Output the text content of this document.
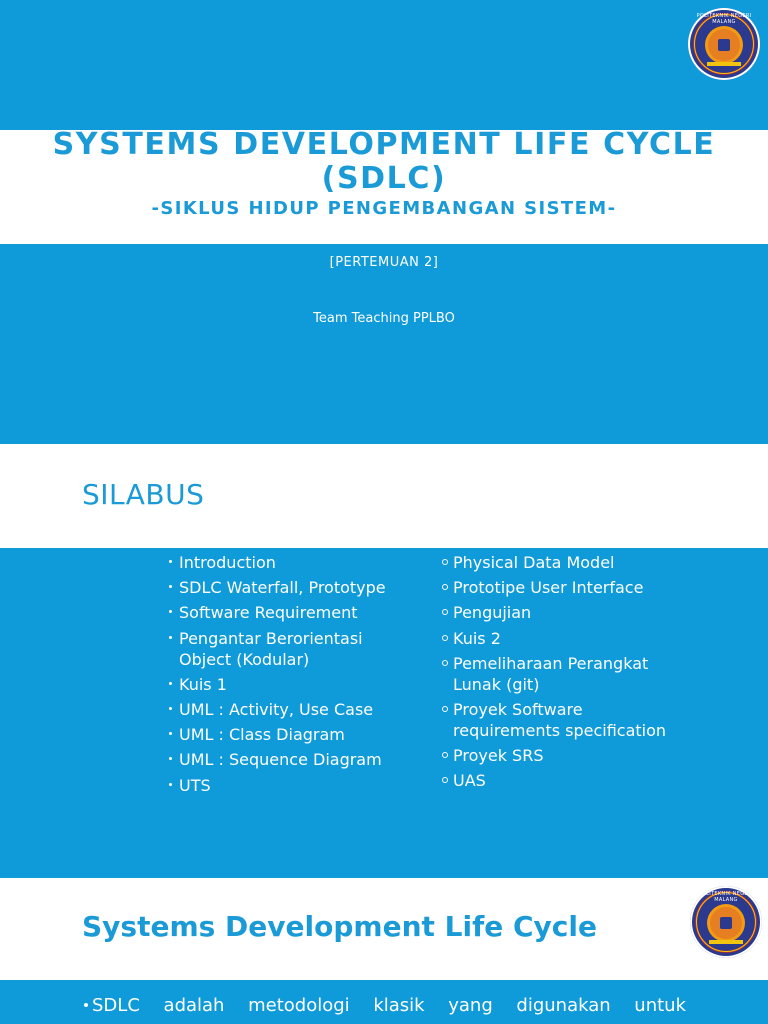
POLITEKNIK NEGERI MALANG
SYSTEMS DEVELOPMENT LIFE CYCLE
(SDLC)
-SIKLUS HIDUP PENGEMBANGAN SISTEM-
[PERTEMUAN 2]
Team Teaching PPLBO
SILABUS
Introduction
SDLC Waterfall, Prototype
Software Requirement
Pengantar Berorientasi Object (Kodular)
Kuis 1
UML : Activity, Use Case
UML : Class Diagram
UML : Sequence Diagram
UTS
Physical Data Model
Prototipe User Interface
Pengujian
Kuis 2
Pemeliharaan Perangkat Lunak (git)
Proyek Software requirements specification
Proyek SRS
UAS
POLITEKNIK NEGERI MALANG
Systems Development Life Cycle
SDLC adalah metodologi klasik yang digunakan untuk
